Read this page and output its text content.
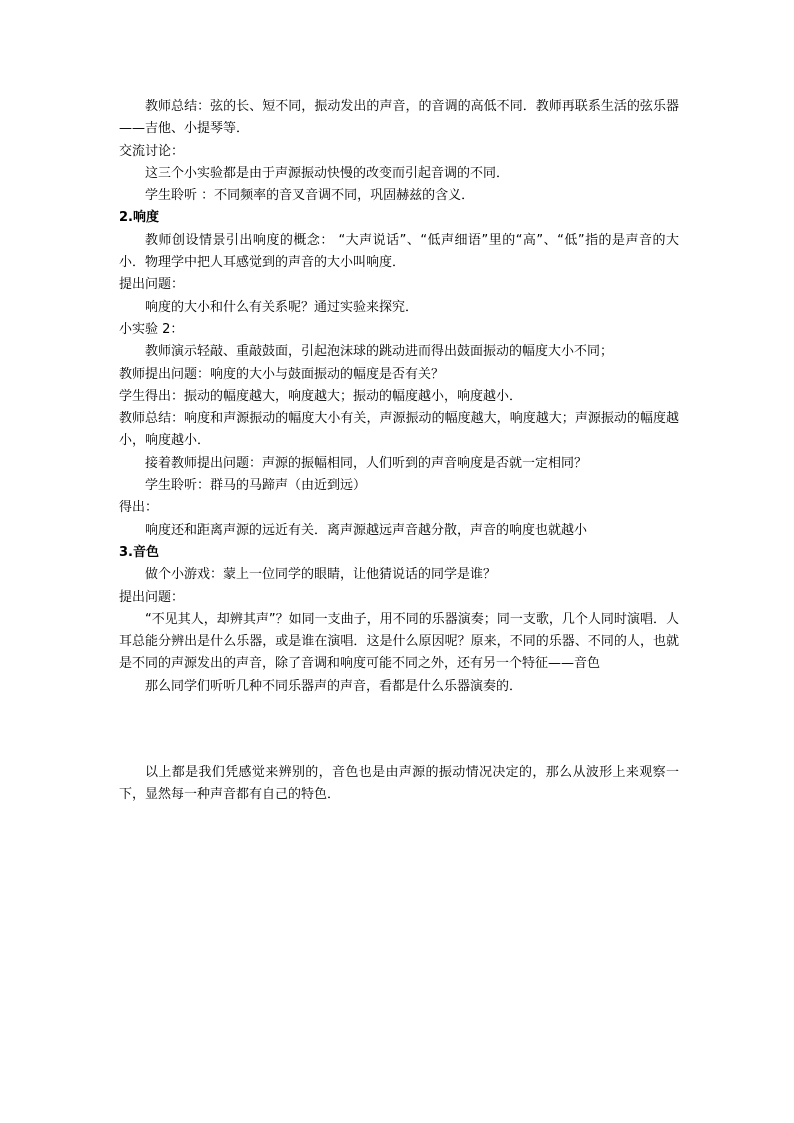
教师总结：弦的长、短不同，振动发出的声音，的音调的高低不同．教师再联系生活的弦乐器——吉他、小提琴等．

交流讨论：

这三个小实验都是由于声源振动快慢的改变而引起音调的不同．

学生聆听 ：不同频率的音叉音调不同，巩固赫兹的含义．

2.响度

教师创设情景引出响度的概念： “大声说话”、“低声细语”里的“高”、“低”指的是声音的大小．物理学中把人耳感觉到的声音的大小叫响度．

提出问题：

响度的大小和什么有关系呢？通过实验来探究．

小实验 2：

教师演示轻敲、重敲鼓面，引起泡沫球的跳动进而得出鼓面振动的幅度大小不同；

教师提出问题：响度的大小与鼓面振动的幅度是否有关？

学生得出：振动的幅度越大，响度越大；振动的幅度越小，响度越小．

教师总结：响度和声源振动的幅度大小有关，声源振动的幅度越大，响度越大；声源振动的幅度越小，响度越小．

接着教师提出问题：声源的振幅相同，人们听到的声音响度是否就一定相同？

学生聆听：群马的马蹄声（由近到远）

得出：

响度还和距离声源的远近有关．离声源越远声音越分散，声音的响度也就越小

3.音色

做个小游戏：蒙上一位同学的眼睛，让他猜说话的同学是谁？

提出问题：

“不见其人，却辨其声”？如同一支曲子，用不同的乐器演奏；同一支歌，几个人同时演唱．人耳总能分辨出是什么乐器，或是谁在演唱．这是什么原因呢？原来，不同的乐器、不同的人，也就是不同的声源发出的声音，除了音调和响度可能不同之外，还有另一个特征——音色

那么同学们听听几种不同乐器声的声音，看都是什么乐器演奏的．

以上都是我们凭感觉来辨别的，音色也是由声源的振动情况决定的，那么从波形上来观察一下，显然每一种声音都有自己的特色．
